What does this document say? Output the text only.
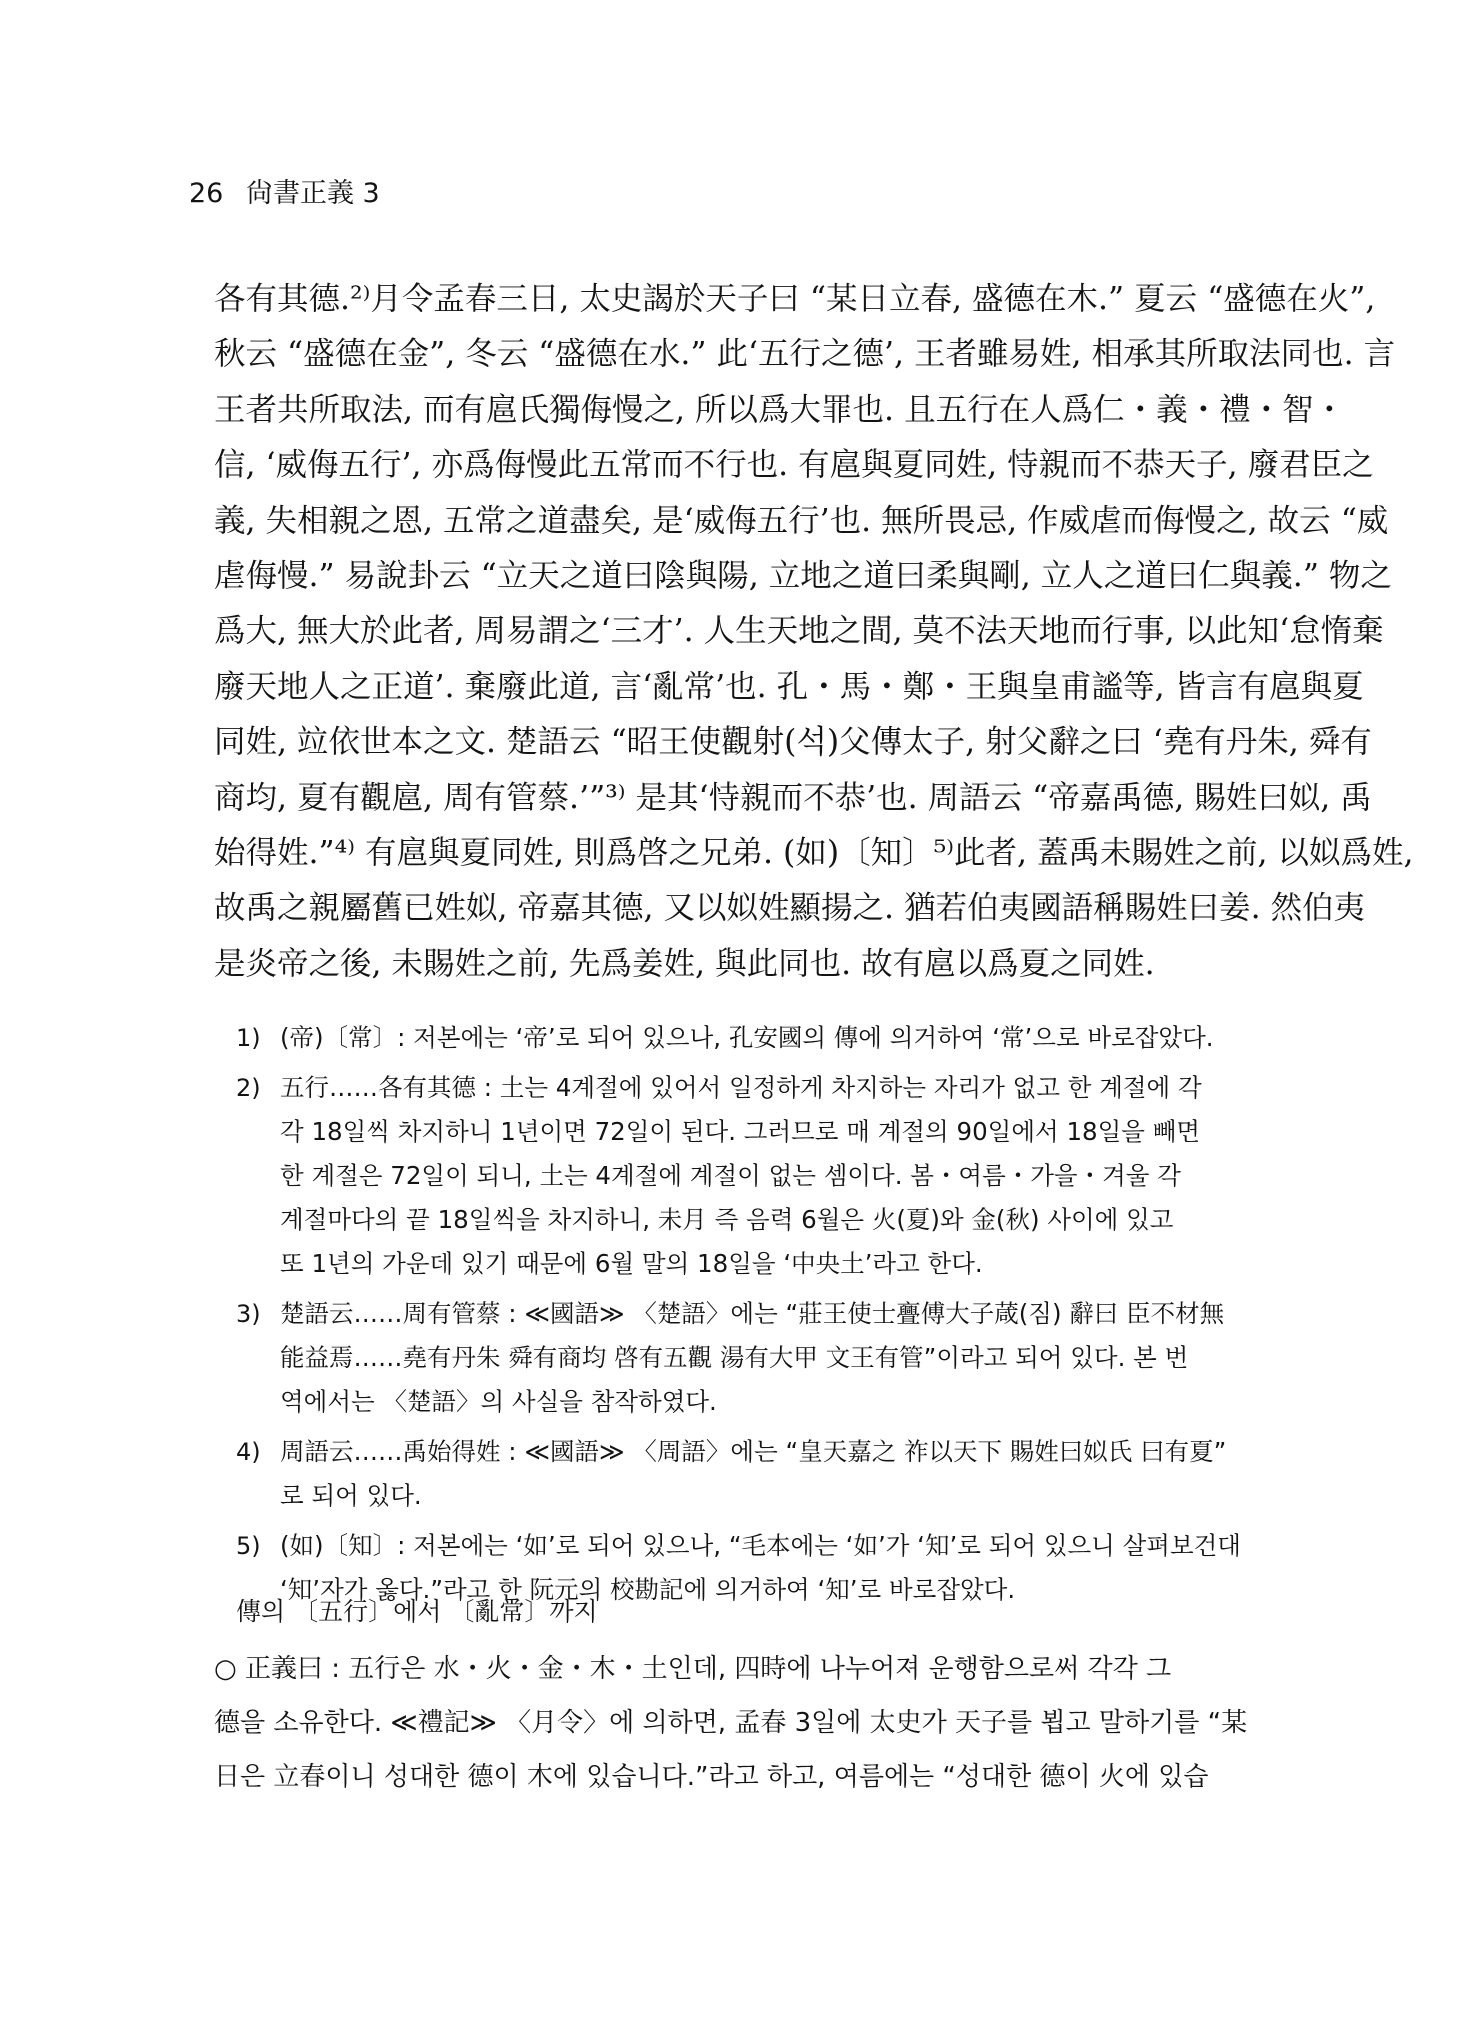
26 尙書正義 3

各有其德.²⁾月令孟春三日, 太史謁於天子曰 “某日立春, 盛德在木.” 夏云 “盛德在火”,

秋云 “盛德在金”, 冬云 “盛德在水.” 此‘五行之德’, 王者雖易姓, 相承其所取法同也. 言

王者共所取法, 而有扈氏獨侮慢之, 所以爲大罪也. 且五行在人爲仁・義・禮・智・

信, ‘威侮五行’, 亦爲侮慢此五常而不行也. 有扈與夏同姓, 恃親而不恭天子, 廢君臣之

義, 失相親之恩, 五常之道盡矣, 是‘威侮五行’也. 無所畏忌, 作威虐而侮慢之, 故云 “威

虐侮慢.” 易說卦云 “立天之道曰陰與陽, 立地之道曰柔與剛, 立人之道曰仁與義.” 物之

爲大, 無大於此者, 周易謂之‘三才’. 人生天地之間, 莫不法天地而行事, 以此知‘怠惰棄

廢天地人之正道’. 棄廢此道, 言‘亂常’也. 孔・馬・鄭・王與皇甫謐等, 皆言有扈與夏

同姓, 竝依世本之文. 楚語云 “昭王使觀射(석)父傳太子, 射父辭之曰 ‘堯有丹朱, 舜有

商均, 夏有觀扈, 周有管蔡.’”³⁾ 是其‘恃親而不恭’也. 周語云 “帝嘉禹德, 賜姓曰姒, 禹

始得姓.”⁴⁾ 有扈與夏同姓, 則爲啓之兄弟. (如)〔知〕⁵⁾此者, 蓋禹未賜姓之前, 以姒爲姓,

故禹之親屬舊已姓姒, 帝嘉其德, 又以姒姓顯揚之. 猶若伯夷國語稱賜姓曰姜. 然伯夷

是炎帝之後, 未賜姓之前, 先爲姜姓, 與此同也. 故有扈以爲夏之同姓.

1) (帝)〔常〕: 저본에는 ‘帝’로 되어 있으나, 孔安國의 傳에 의거하여 ‘常’으로 바로잡았다.
2) 五行……各有其德 : 土는 4계절에 있어서 일정하게 차지하는 자리가 없고 한 계절에 각
각 18일씩 차지하니 1년이면 72일이 된다. 그러므로 매 계절의 90일에서 18일을 빼면
한 계절은 72일이 되니, 土는 4계절에 계절이 없는 셈이다. 봄・여름・가을・겨울 각
계절마다의 끝 18일씩을 차지하니, 未月 즉 음력 6월은 火(夏)와 金(秋) 사이에 있고
또 1년의 가운데 있기 때문에 6월 말의 18일을 ‘中央土’라고 한다.
3) 楚語云……周有管蔡 : ≪國語≫ 〈楚語〉에는 “莊王使士亹傅大子葴(짐) 辭曰 臣不材無
能益焉……堯有丹朱 舜有商均 啓有五觀 湯有大甲 文王有管”이라고 되어 있다. 본 번
역에서는 〈楚語〉의 사실을 참작하였다.
4) 周語云……禹始得姓 : ≪國語≫ 〈周語〉에는 “皇天嘉之 祚以天下 賜姓曰姒氏 曰有夏”
로 되어 있다.
5) (如)〔知〕: 저본에는 ‘如’로 되어 있으나, “毛本에는 ‘如’가 ‘知’로 되어 있으니 살펴보건대
‘知’자가 옳다.”라고 한 阮元의 校勘記에 의거하여 ‘知’로 바로잡았다.
傳의 〔五行〕에서 〔亂常〕까지
○ 正義曰 : 五行은 水・火・金・木・土인데, 四時에 나누어져 운행함으로써 각각 그
德을 소유한다. ≪禮記≫ 〈月令〉에 의하면, 孟春 3일에 太史가 天子를 뵙고 말하기를 “某
日은 立春이니 성대한 德이 木에 있습니다.”라고 하고, 여름에는 “성대한 德이 火에 있습
